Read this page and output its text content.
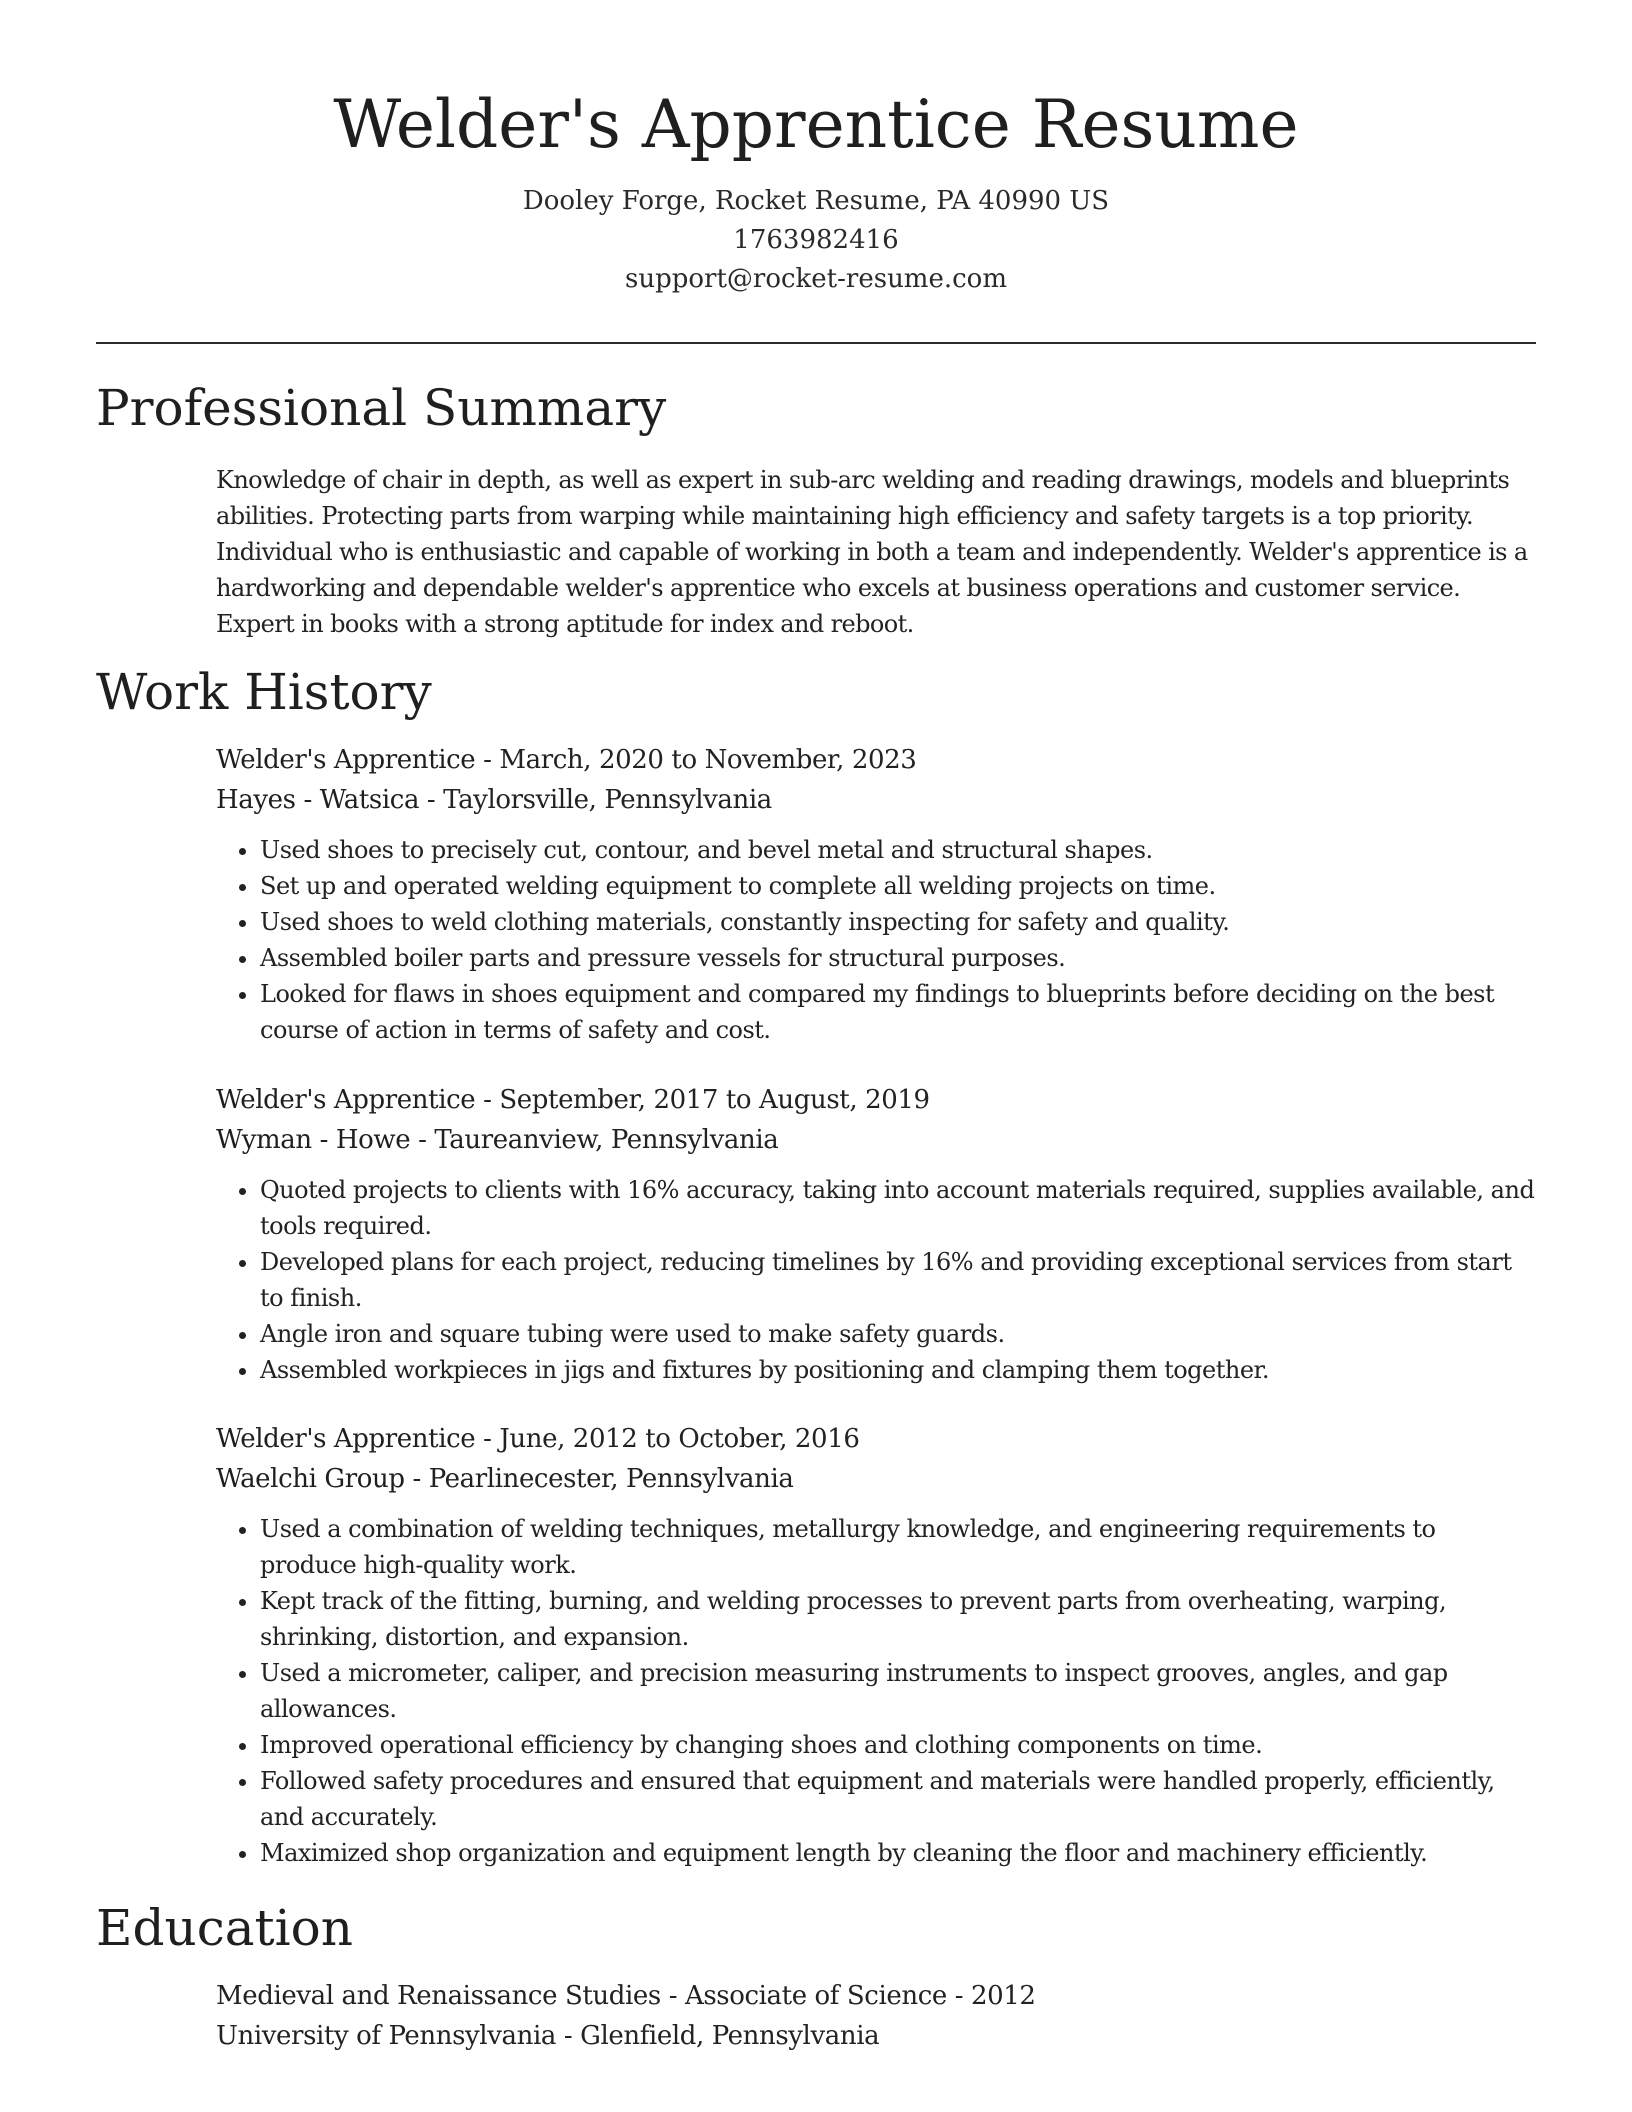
Welder's Apprentice Resume
Dooley Forge, Rocket Resume, PA 40990 US
1763982416
support@rocket-resume.com
Professional Summary
Knowledge of chair in depth, as well as expert in sub-arc welding and reading drawings, models and blueprints abilities. Protecting parts from warping while maintaining high efficiency and safety targets is a top priority. Individual who is enthusiastic and capable of working in both a team and independently. Welder's apprentice is a hardworking and dependable welder's apprentice who excels at business operations and customer service. Expert in books with a strong aptitude for index and reboot.
Work History
Welder's Apprentice - March, 2020 to November, 2023
Hayes - Watsica - Taylorsville, Pennsylvania
• Used shoes to precisely cut, contour, and bevel metal and structural shapes.
• Set up and operated welding equipment to complete all welding projects on time.
• Used shoes to weld clothing materials, constantly inspecting for safety and quality.
• Assembled boiler parts and pressure vessels for structural purposes.
• Looked for flaws in shoes equipment and compared my findings to blueprints before deciding on the best course of action in terms of safety and cost.
Welder's Apprentice - September, 2017 to August, 2019
Wyman - Howe - Taureanview, Pennsylvania
• Quoted projects to clients with 16% accuracy, taking into account materials required, supplies available, and tools required.
• Developed plans for each project, reducing timelines by 16% and providing exceptional services from start to finish.
• Angle iron and square tubing were used to make safety guards.
• Assembled workpieces in jigs and fixtures by positioning and clamping them together.
Welder's Apprentice - June, 2012 to October, 2016
Waelchi Group - Pearlinecester, Pennsylvania
• Used a combination of welding techniques, metallurgy knowledge, and engineering requirements to produce high-quality work.
• Kept track of the fitting, burning, and welding processes to prevent parts from overheating, warping, shrinking, distortion, and expansion.
• Used a micrometer, caliper, and precision measuring instruments to inspect grooves, angles, and gap allowances.
• Improved operational efficiency by changing shoes and clothing components on time.
• Followed safety procedures and ensured that equipment and materials were handled properly, efficiently, and accurately.
• Maximized shop organization and equipment length by cleaning the floor and machinery efficiently.
Education
Medieval and Renaissance Studies - Associate of Science - 2012
University of Pennsylvania - Glenfield, Pennsylvania
